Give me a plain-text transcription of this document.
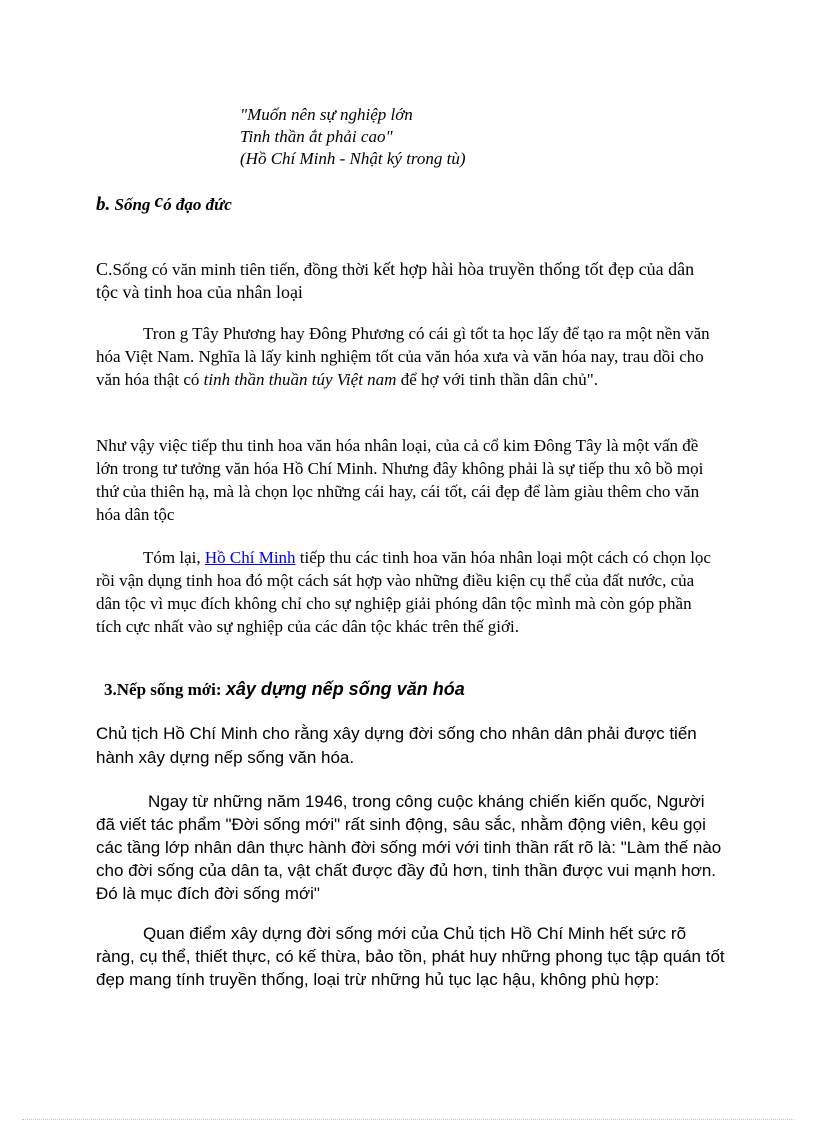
"Muốn nên sự nghiệp lớn
Tinh thần ắt phải cao"
(Hồ Chí Minh - Nhật ký trong tù)
b. Sống có đạo đức
C.Sống có văn minh tiên tiến, đồng thời kết hợp hài hòa truyền thống tốt đẹp của dân tộc và tinh hoa của nhân loại
Tron g Tây Phương hay Đông Phương có cái gì tốt ta học lấy để tạo ra một nền văn hóa Việt Nam. Nghĩa là lấy kinh nghiệm tốt của văn hóa xưa và văn hóa nay, trau dồi cho văn hóa thật có tinh thần thuần túy Việt nam để hợ với tinh thần dân chủ".
Như vậy việc tiếp thu tinh hoa văn hóa nhân loại, của cả cổ kim Đông Tây là một vấn đề lớn trong tư tưởng văn hóa Hồ Chí Minh. Nhưng đây không phải là sự tiếp thu xô bồ mọi thứ của thiên hạ, mà là chọn lọc những cái hay, cái tốt, cái đẹp để làm giàu thêm cho văn hóa dân tộc
Tóm lại, Hồ Chí Minh tiếp thu các tinh hoa văn hóa nhân loại một cách có chọn lọc rồi vận dụng tinh hoa đó một cách sát hợp vào những điều kiện cụ thể của đất nước, của dân tộc vì mục đích không chỉ cho sự nghiệp giải phóng dân tộc mình mà còn góp phần tích cực nhất vào sự nghiệp của các dân tộc khác trên thế giới.
3.Nếp sống mới: xây dựng nếp sống văn hóa
Chủ tịch Hồ Chí Minh cho rằng xây dựng đời sống cho nhân dân phải được tiến hành xây dựng nếp sống văn hóa.
Ngay từ những năm 1946, trong công cuộc kháng chiến kiến quốc, Người đã viết tác phẩm "Đời sống mới" rất sinh động, sâu sắc, nhằm động viên, kêu gọi các tầng lớp nhân dân thực hành đời sống mới với tinh thần rất rõ là: "Làm thế nào cho đời sống của dân ta, vật chất được đầy đủ hơn, tinh thần được vui mạnh hơn. Đó là mục đích đời sống mới"
Quan điểm xây dựng đời sống mới của Chủ tịch Hồ Chí Minh hết sức rõ ràng, cụ thể, thiết thực, có kế thừa, bảo tồn, phát huy những phong tục tập quán tốt đẹp mang tính truyền thống, loại trừ những hủ tục lạc hậu, không phù hợp:
